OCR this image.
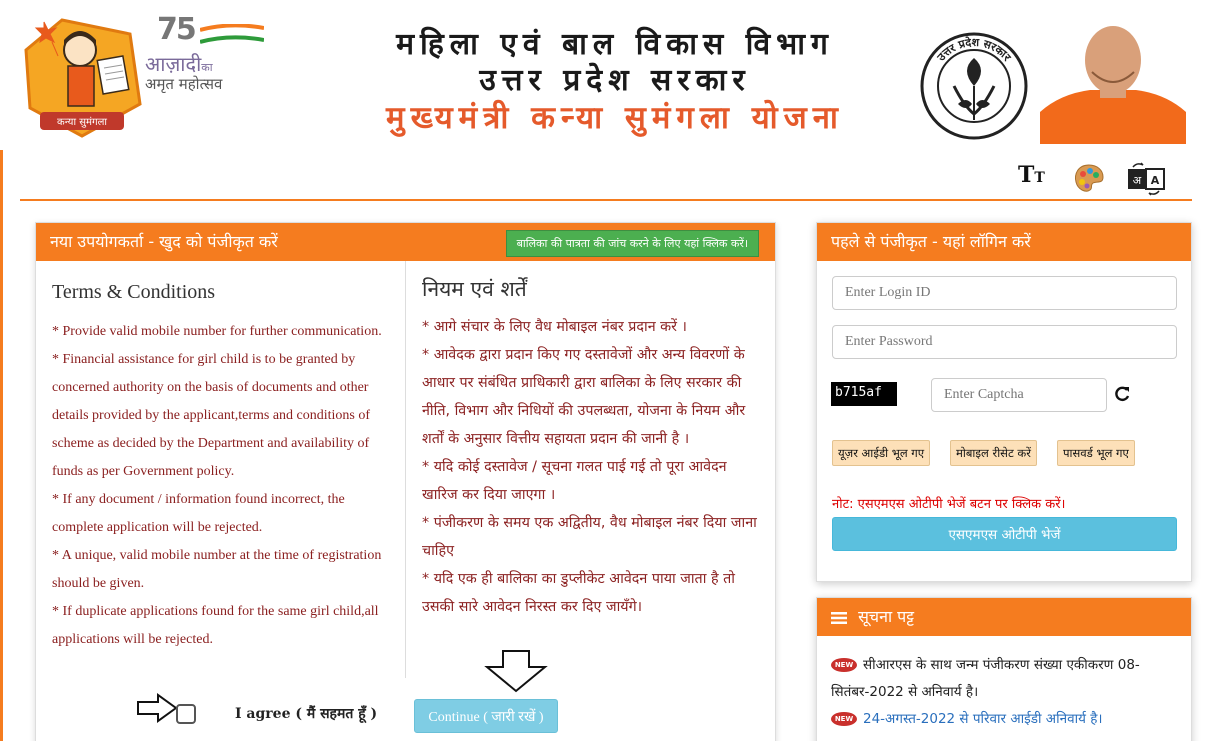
कन्या सुमंगला
75
आज़ादीका
अमृत महोत्सव
महिला एवं बाल विकास विभाग
उत्तर प्रदेश सरकार
मुख्यमंत्री कन्या सुमंगला योजना
उत्तर प्रदेश सरकार
TT	अ A
नया उपयोगकर्ता - खुद को पंजीकृत करें	बालिका की पात्रता की जांच करने के लिए यहां क्लिक करें।
Terms & Conditions
* Provide valid mobile number for further communication.
* Financial assistance for girl child is to be granted by concerned authority on the basis of documents and other details provided by the applicant,terms and conditions of scheme as decided by the Department and availability of funds as per Government policy.
* If any document / information found incorrect, the complete application will be rejected.
* A unique, valid mobile number at the time of registration should be given.
* If duplicate applications found for the same girl child,all applications will be rejected.
नियम एवं शर्तें
* आगे संचार के लिए वैध मोबाइल नंबर प्रदान करें ।
* आवेदक द्वारा प्रदान किए गए दस्तावेजों और अन्य विवरणों के आधार पर संबंधित प्राधिकारी द्वारा बालिका के लिए सरकार की नीति, विभाग और निधियों की उपलब्धता, योजना के नियम और शर्तों के अनुसार वित्तीय सहायता प्रदान की जानी है ।
* यदि कोई दस्तावेज / सूचना गलत पाई गई तो पूरा आवेदन खारिज कर दिया जाएगा ।
* पंजीकरण के समय एक अद्वितीय, वैध मोबाइल नंबर दिया जाना चाहिए
* यदि एक ही बालिका का डुप्लीकेट आवेदन पाया जाता है तो उसकी सारे आवेदन निरस्त कर दिए जायँगे।
I agree ( मैं सहमत हूँ )	Continue ( जारी रखें )
पहले से पंजीकृत - यहां लॉगिन करें
Enter Login ID
b715af
Enter Captcha
यूज़र आईडी भूल गए	मोबाइल रीसेट करें	पासवर्ड भूल गए
नोट: एसएमएस ओटीपी भेजें बटन पर क्लिक करें।
एसएमएस ओटीपी भेजें
सूचना पट्ट
NEW सीआरएस के साथ जन्म पंजीकरण संख्या एकीकरण 08-सितंबर-2022 से अनिवार्य है।
NEW 24-अगस्त-2022 से परिवार आईडी अनिवार्य है।
